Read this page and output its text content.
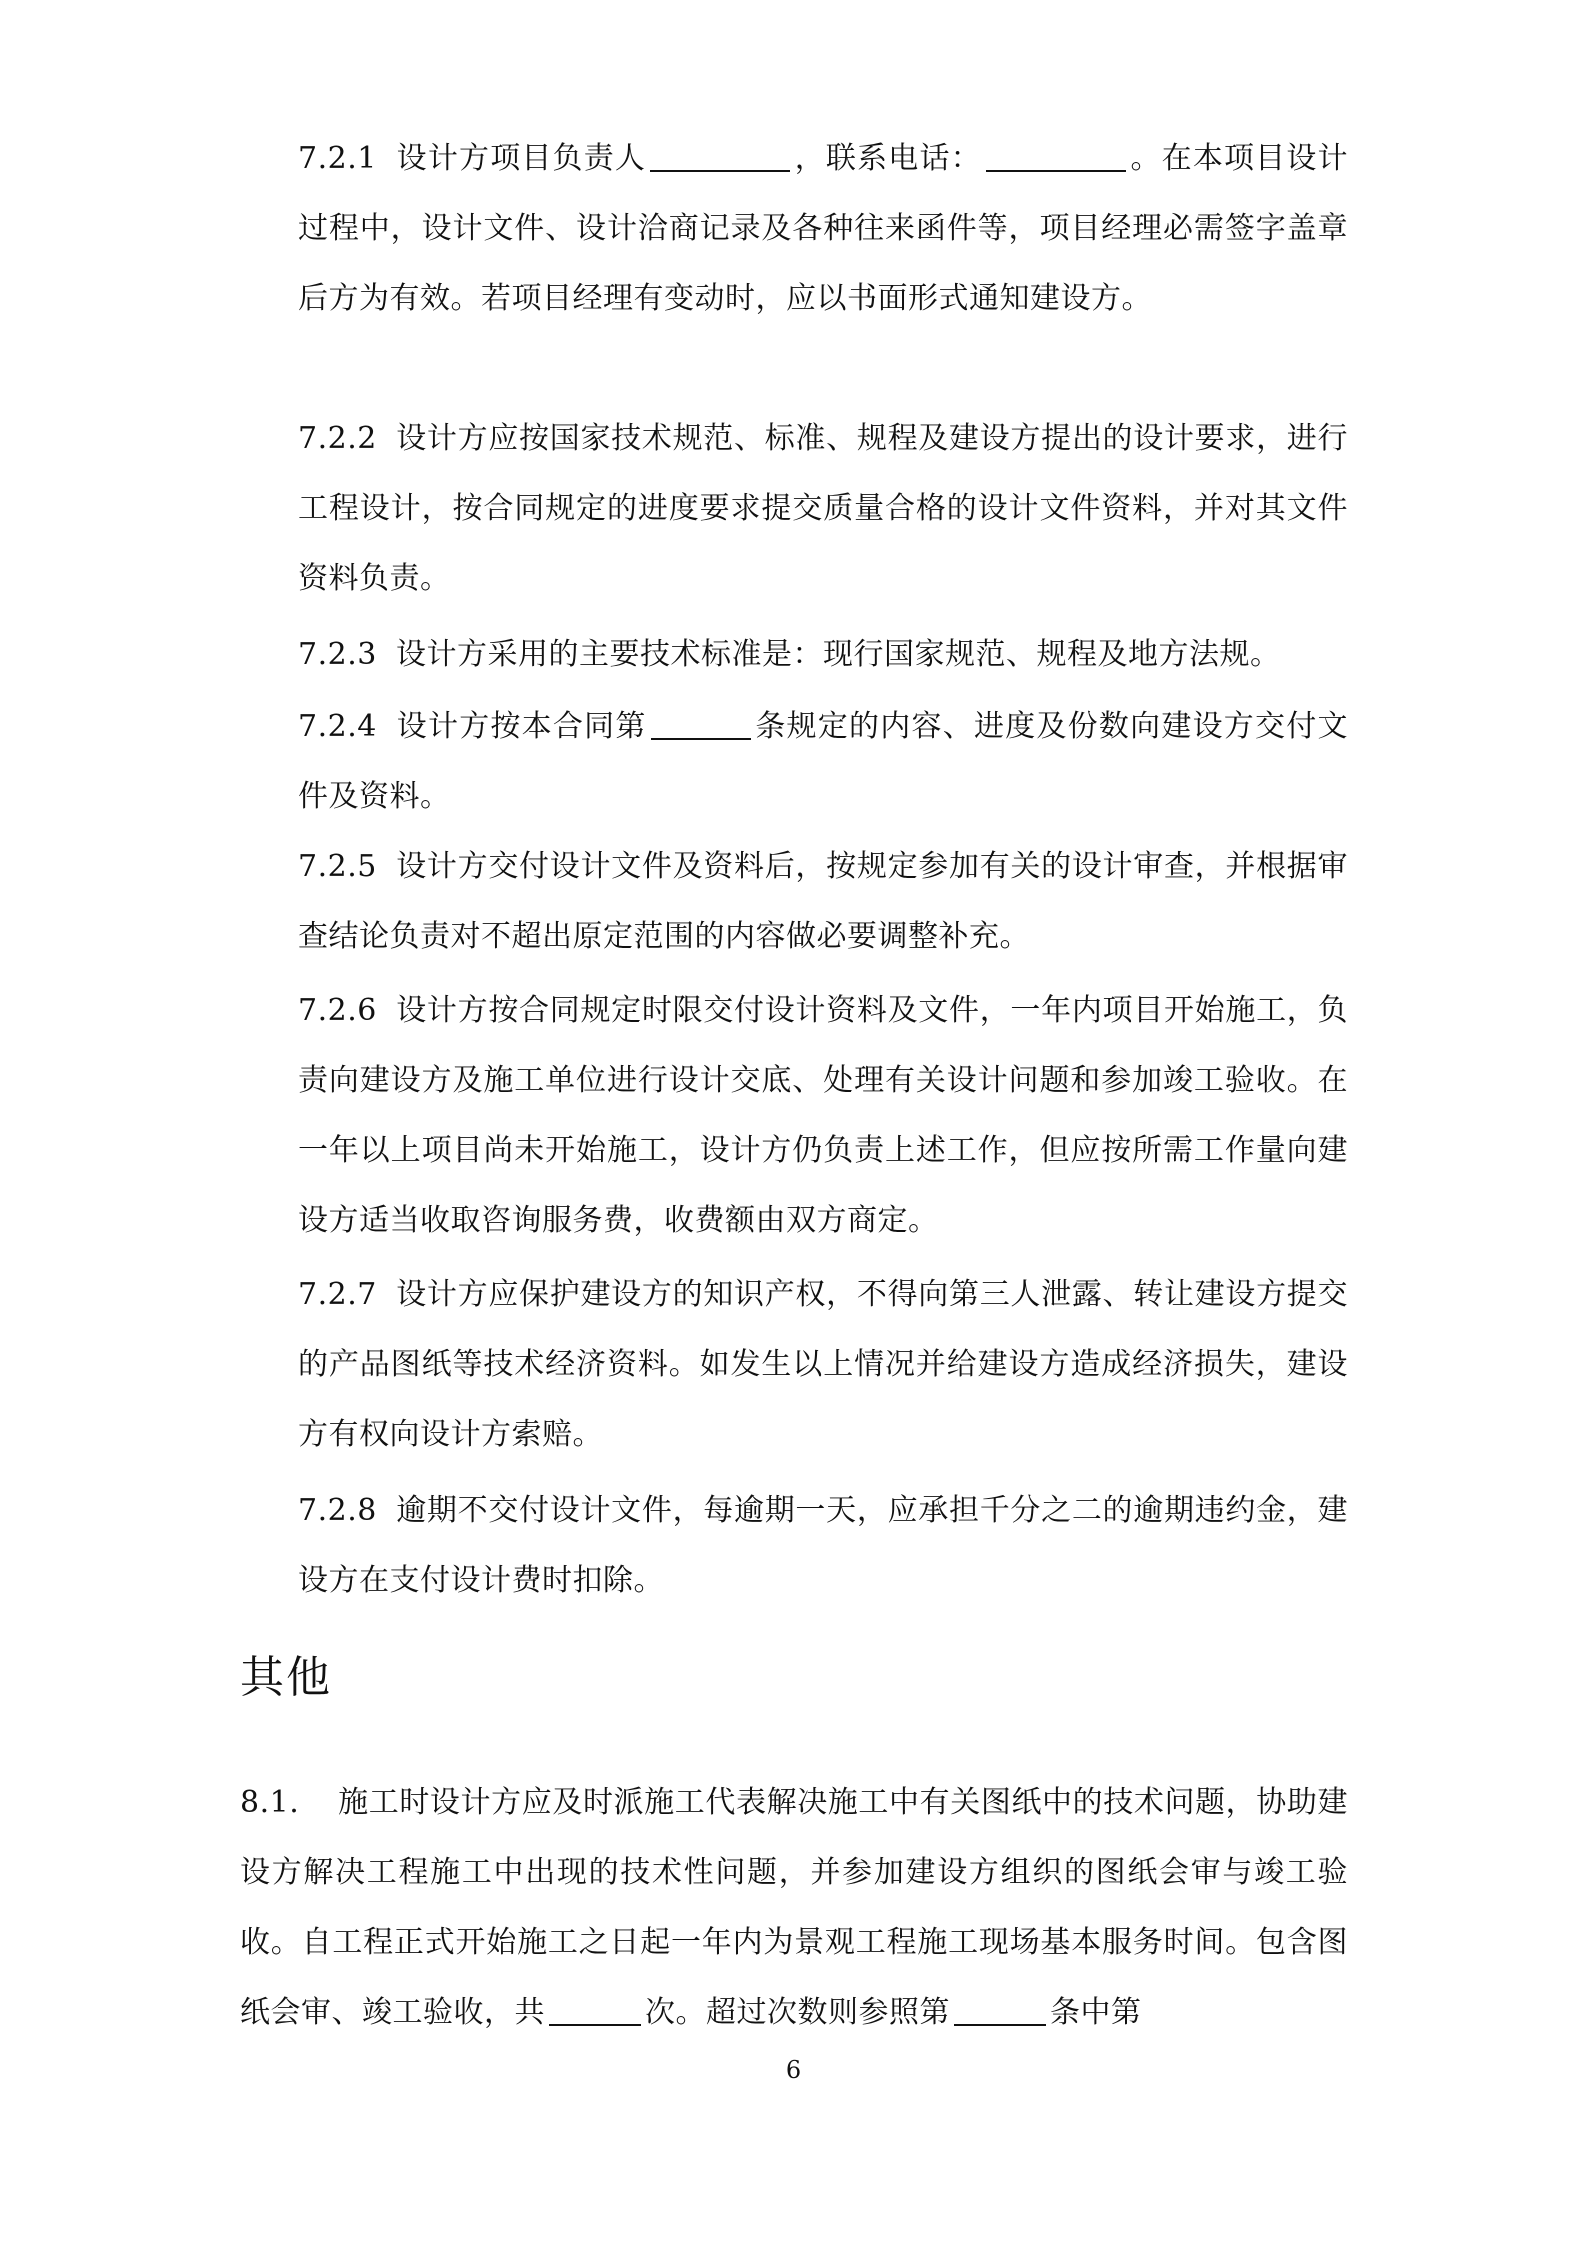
7.2.1 设计方项目负责人	，联系电话：	。在本项目设计过程中，设计文件、设计洽商记录及各种往来函件等，项目经理必需签字盖章后方为有效。若项目经理有变动时，应以书面形式通知建设方。

7.2.2 设计方应按国家技术规范、标准、规程及建设方提出的设计要求，进行工程设计，按合同规定的进度要求提交质量合格的设计文件资料，并对其文件资料负责。

7.2.3 设计方采用的主要技术标准是：现行国家规范、规程及地方法规。

7.2.4 设计方按本合同第	条规定的内容、进度及份数向建设方交付文件及资料。

7.2.5 设计方交付设计文件及资料后，按规定参加有关的设计审查，并根据审查结论负责对不超出原定范围的内容做必要调整补充。

7.2.6 设计方按合同规定时限交付设计资料及文件，一年内项目开始施工，负责向建设方及施工单位进行设计交底、处理有关设计问题和参加竣工验收。在一年以上项目尚未开始施工，设计方仍负责上述工作，但应按所需工作量向建设方适当收取咨询服务费，收费额由双方商定。

7.2.7 设计方应保护建设方的知识产权，不得向第三人泄露、转让建设方提交的产品图纸等技术经济资料。如发生以上情况并给建设方造成经济损失，建设方有权向设计方索赔。

7.2.8 逾期不交付设计文件，每逾期一天，应承担千分之二的逾期违约金，建设方在支付设计费时扣除。

其他

8.1. 施工时设计方应及时派施工代表解决施工中有关图纸中的技术问题，协助建设方解决工程施工中出现的技术性问题，并参加建设方组织的图纸会审与竣工验收。自工程正式开始施工之日起一年内为景观工程施工现场基本服务时间。包含图纸会审、竣工验收，共	次。超过次数则参照第	条中第

6
